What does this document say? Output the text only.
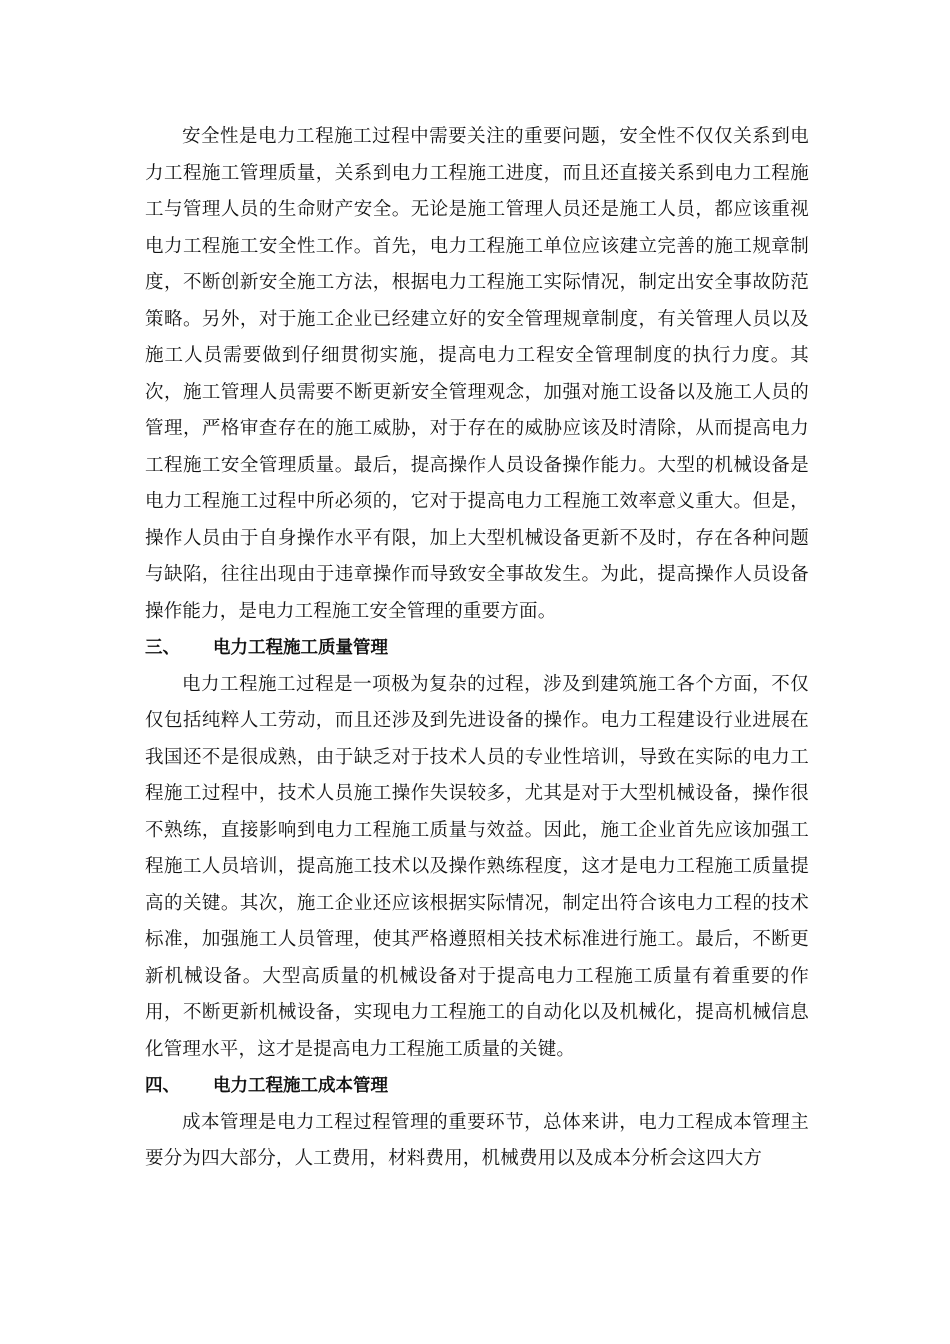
安全性是电力工程施工过程中需要关注的重要问题，安全性不仅仅关系到电力工程施工管理质量，关系到电力工程施工进度，而且还直接关系到电力工程施工与管理人员的生命财产安全。无论是施工管理人员还是施工人员，都应该重视电力工程施工安全性工作。首先，电力工程施工单位应该建立完善的施工规章制度，不断创新安全施工方法，根据电力工程施工实际情况，制定出安全事故防范策略。另外，对于施工企业已经建立好的安全管理规章制度，有关管理人员以及施工人员需要做到仔细贯彻实施，提高电力工程安全管理制度的执行力度。其次，施工管理人员需要不断更新安全管理观念，加强对施工设备以及施工人员的管理，严格审查存在的施工威胁，对于存在的威胁应该及时清除，从而提高电力工程施工安全管理质量。最后，提高操作人员设备操作能力。大型的机械设备是电力工程施工过程中所必须的，它对于提高电力工程施工效率意义重大。但是，操作人员由于自身操作水平有限，加上大型机械设备更新不及时，存在各种问题与缺陷，往往出现由于违章操作而导致安全事故发生。为此，提高操作人员设备操作能力，是电力工程施工安全管理的重要方面。

三、 电力工程施工质量管理

电力工程施工过程是一项极为复杂的过程，涉及到建筑施工各个方面，不仅仅包括纯粹人工劳动，而且还涉及到先进设备的操作。电力工程建设行业进展在我国还不是很成熟，由于缺乏对于技术人员的专业性培训，导致在实际的电力工程施工过程中，技术人员施工操作失误较多，尤其是对于大型机械设备，操作很不熟练，直接影响到电力工程施工质量与效益。因此，施工企业首先应该加强工程施工人员培训，提高施工技术以及操作熟练程度，这才是电力工程施工质量提高的关键。其次，施工企业还应该根据实际情况，制定出符合该电力工程的技术标准，加强施工人员管理，使其严格遵照相关技术标准进行施工。最后，不断更新机械设备。大型高质量的机械设备对于提高电力工程施工质量有着重要的作用，不断更新机械设备，实现电力工程施工的自动化以及机械化，提高机械信息化管理水平，这才是提高电力工程施工质量的关键。

四、 电力工程施工成本管理

成本管理是电力工程过程管理的重要环节，总体来讲，电力工程成本管理主要分为四大部分，人工费用，材料费用，机械费用以及成本分析会这四大方
